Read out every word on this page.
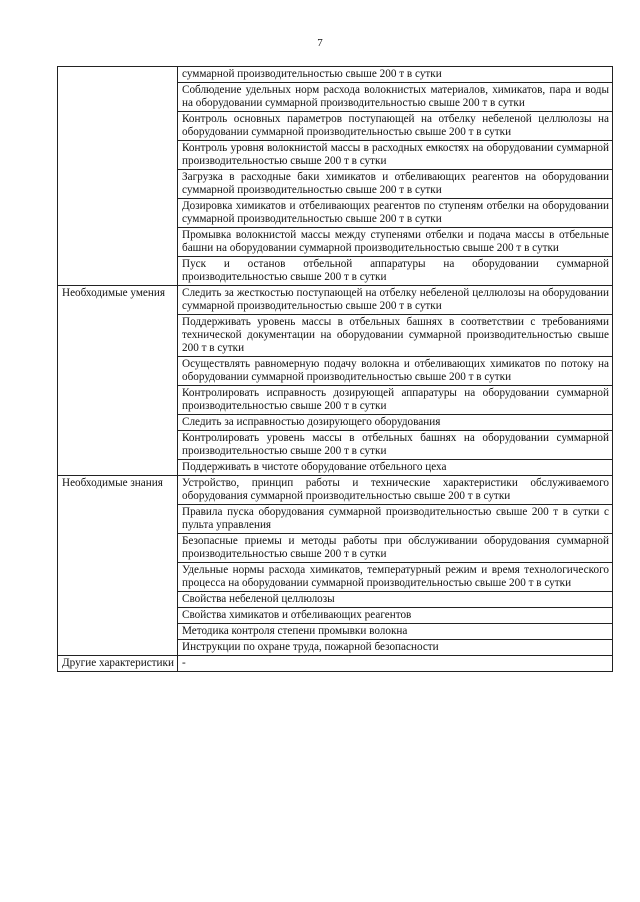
7
	суммарной производительностью свыше 200 т в сутки
	Соблюдение удельных норм расхода волокнистых материалов, химикатов, пара и воды на оборудовании суммарной производительностью свыше 200 т в сутки
	Контроль основных параметров поступающей на отбелку небеленой целлюлозы на оборудовании суммарной производительностью свыше 200 т в сутки
	Контроль уровня волокнистой массы в расходных емкостях на оборудовании суммарной производительностью свыше 200 т в сутки
	Загрузка в расходные баки химикатов и отбеливающих реагентов на оборудовании суммарной производительностью свыше 200 т в сутки
	Дозировка химикатов и отбеливающих реагентов по ступеням отбелки на оборудовании суммарной производительностью свыше 200 т в сутки
	Промывка волокнистой массы между ступенями отбелки и подача массы в отбельные башни на оборудовании суммарной производительностью свыше 200 т в сутки
	Пуск и останов отбельной аппаратуры на оборудовании суммарной производительностью свыше 200 т в сутки
Необходимые умения	Следить за жесткостью поступающей на отбелку небеленой целлюлозы на оборудовании суммарной производительностью свыше 200 т в сутки
	Поддерживать уровень массы в отбельных башнях в соответствии с требованиями технической документации на оборудовании суммарной производительностью свыше 200 т в сутки
	Осуществлять равномерную подачу волокна и отбеливающих химикатов по потоку на оборудовании суммарной производительностью свыше 200 т в сутки
	Контролировать исправность дозирующей аппаратуры на оборудовании суммарной производительностью свыше 200 т в сутки
	Следить за исправностью дозирующего оборудования
	Контролировать уровень массы в отбельных башнях на оборудовании суммарной производительностью свыше 200 т в сутки
	Поддерживать в чистоте оборудование отбельного цеха
Необходимые знания	Устройство, принцип работы и технические характеристики обслуживаемого оборудования суммарной производительностью свыше 200 т в сутки
	Правила пуска оборудования суммарной производительностью свыше 200 т в сутки с пульта управления
	Безопасные приемы и методы работы при обслуживании оборудования суммарной производительностью свыше 200 т в сутки
	Удельные нормы расхода химикатов, температурный режим и время технологического процесса на оборудовании суммарной производительностью свыше 200 т в сутки
	Свойства небеленой целлюлозы
	Свойства химикатов и отбеливающих реагентов
	Методика контроля степени промывки волокна
	Инструкции по охране труда, пожарной безопасности
Другие характеристики	-
